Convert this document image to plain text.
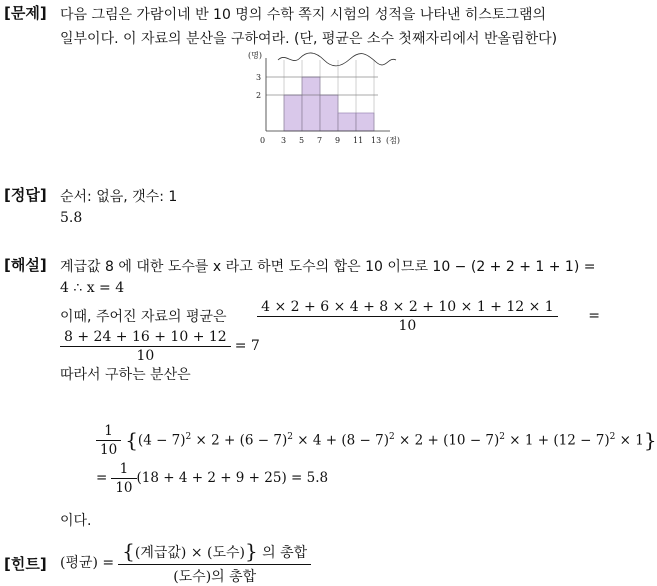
[문제] 다음 그림은 가람이네 반 10 명의 수학 쪽지 시험의 성적을 나타낸 히스토그램의
일부이다. 이 자료의 분산을 구하여라. (단, 평균은 소수 첫째자리에서 반올림한다)
(명)
0 3 5 7 9 11 13
2
3
(점)
[정답] 순서: 없음, 갯수: 1
5.8
[해설] 계급값 8 에 대한 도수를 x 라고 하면 도수의 합은 10 이므로 10 − (2 + 2 + 1 + 1) =
4 ∴ x = 4
이때, 주어진 자료의 평균은 $\frac{4 \times 2 + 6 \times 4 + 8 \times 2 + 10 \times 1 + 12 \times 1}{10}$ =
$\frac{8 + 24 + 16 + 10 + 12}{10} = 7$
따라서 구하는 분산은
$\frac{1}{10}$ { $(4 - 7)^2 \times 2 + (6 - 7)^2 \times 4 + (8 - 7)^2 \times 2 + (10 - 7)^2 \times 1 + (12 - 7)^2 \times 1$ }
= $\frac{1}{10} (18 + 4 + 2 + 9 + 25) = 5.8$
이다.
[힌트] (평균) = $\frac{\text{\{(계급값) × (도수)\} 의 총합}}{\text{(도수)의 총합}}$
